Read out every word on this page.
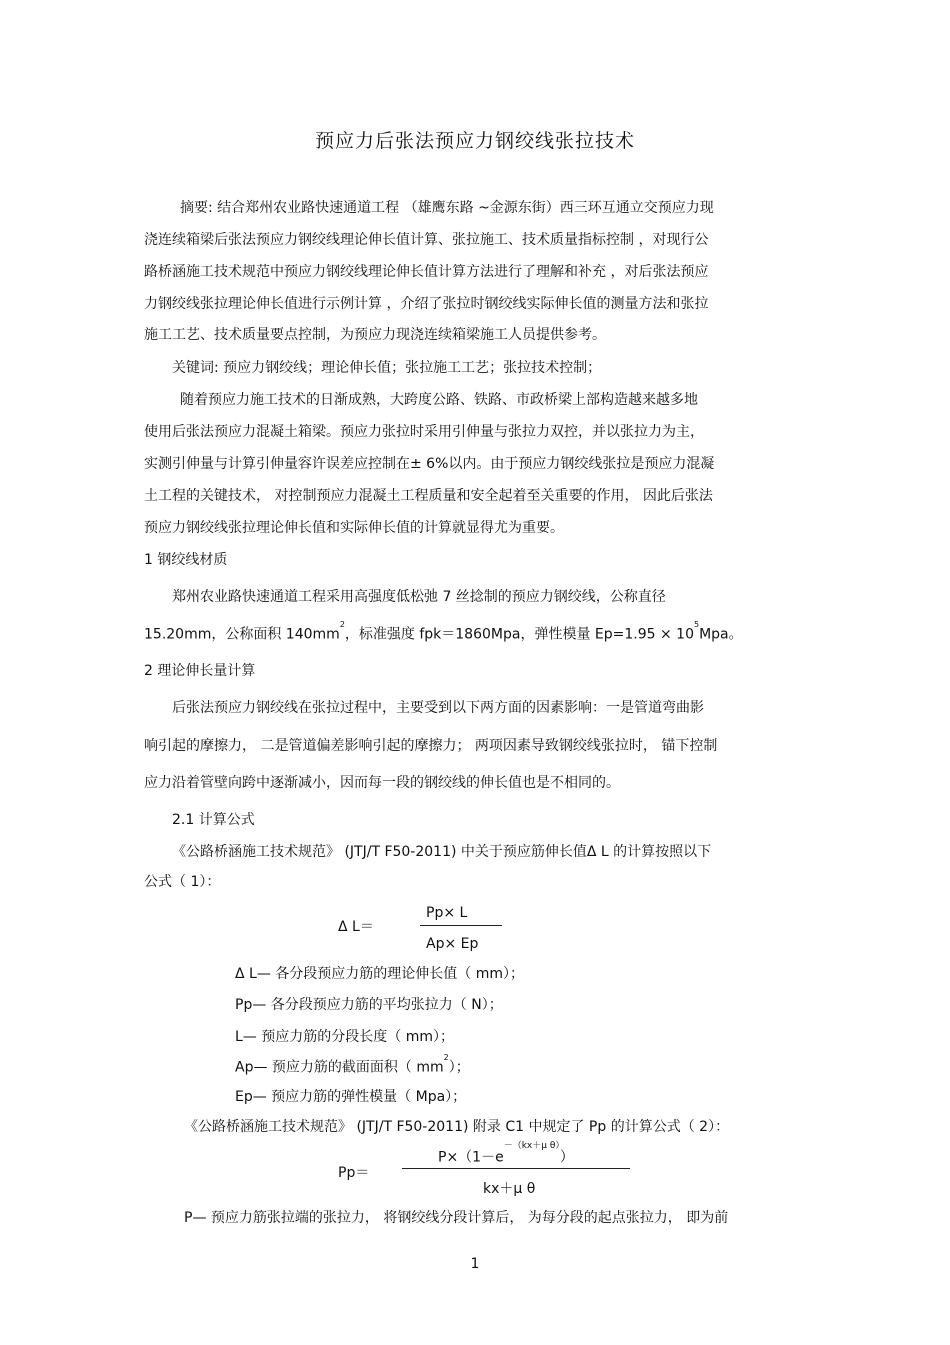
预应力后张法预应力钢绞线张拉技术
摘要: 结合郑州农业路快速通道工程 （雄鹰东路 ~金源东街）西三环互通立交预应力现
浇连续箱梁后张法预应力钢绞线理论伸长值计算、张拉施工、技术质量指标控制 ，对现行公
路桥涵施工技术规范中预应力钢绞线理论伸长值计算方法进行了理解和补充 ，对后张法预应
力钢绞线张拉理论伸长值进行示例计算 ，介绍了张拉时钢绞线实际伸长值的测量方法和张拉
施工工艺、技术质量要点控制，为预应力现浇连续箱梁施工人员提供参考。
关键词: 预应力钢绞线；理论伸长值；张拉施工工艺；张拉技术控制；
随着预应力施工技术的日渐成熟，大跨度公路、铁路、市政桥梁上部构造越来越多地
使用后张法预应力混凝土箱梁。预应力张拉时采用引伸量与张拉力双控，并以张拉力为主，
实测引伸量与计算引伸量容许误差应控制在± 6%以内。由于预应力钢绞线张拉是预应力混凝
土工程的关键技术， 对控制预应力混凝土工程质量和安全起着至关重要的作用， 因此后张法
预应力钢绞线张拉理论伸长值和实际伸长值的计算就显得尤为重要。
1 钢绞线材质
郑州农业路快速通道工程采用高强度低松弛 7 丝捻制的预应力钢绞线，公称直径
15.20mm，公称面积 $140mm^2$，标准强度 fpk＝1860Mpa，弹性模量 $Ep=1.95 \times 10^5Mpa$。
2 理论伸长量计算
后张法预应力钢绞线在张拉过程中，主要受到以下两方面的因素影响：一是管道弯曲影
响引起的摩擦力， 二是管道偏差影响引起的摩擦力； 两项因素导致钢绞线张拉时， 锚下控制
应力沿着管壁向跨中逐渐减小，因而每一段的钢绞线的伸长值也是不相同的。
2.1 计算公式
《公路桥涵施工技术规范》 (JTJ/T F50-2011) 中关于预应筋伸长值Δ L 的计算按照以下
公式（ 1）：
Δ L＝
Pp× L
Ap× Ep
Δ L— 各分段预应力筋的理论伸长值（ mm）；
Pp— 各分段预应力筋的平均张拉力（ N）；
L— 预应力筋的分段长度（ mm）；
Ap— 预应力筋的截面面积（ $mm^2$）；
Ep— 预应力筋的弹性模量（ Mpa）；
《公路桥涵施工技术规范》 (JTJ/T F50-2011) 附录 C1 中规定了 Pp 的计算公式（ 2）：
Pp＝
$P\times(1-e^{-(kx+\mu \theta)})$
kx＋μ θ
P— 预应力筋张拉端的张拉力， 将钢绞线分段计算后， 为每分段的起点张拉力， 即为前
1
